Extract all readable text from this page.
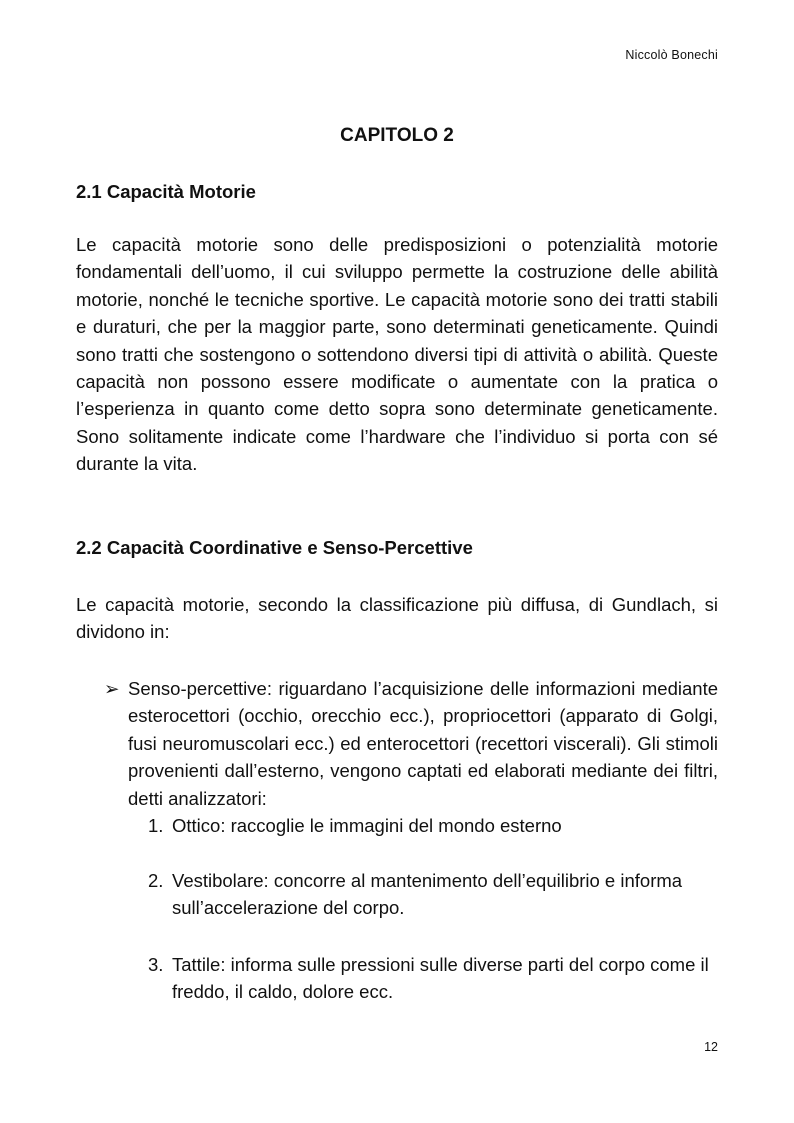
Niccolò Bonechi
CAPITOLO 2
2.1 Capacità Motorie

Le capacità motorie sono delle predisposizioni o potenzialità motorie fondamentali dell’uomo, il cui sviluppo permette la costruzione delle abilità motorie, nonché le tecniche sportive. Le capacità motorie sono dei tratti stabili e duraturi, che per la maggior parte, sono determinati geneticamente. Quindi sono tratti che sostengono o sottendono diversi tipi di attività o abilità. Queste capacità non possono essere modificate o aumentate con la pratica o l’esperienza in quanto come detto sopra sono determinate geneticamente. Sono solitamente indicate come l’hardware che l’individuo si porta con sé durante la vita.

2.2 Capacità Coordinative e Senso-Percettive

Le capacità motorie, secondo la classificazione più diffusa, di Gundlach, si dividono in:

➢ Senso-percettive: riguardano l’acquisizione delle informazioni mediante esterocettori (occhio, orecchio ecc.), propriocettori (apparato di Golgi, fusi neuromuscolari ecc.) ed enterocettori (recettori viscerali). Gli stimoli provenienti dall’esterno, vengono captati ed elaborati mediante dei filtri, detti analizzatori:
1. Ottico: raccoglie le immagini del mondo esterno
2. Vestibolare: concorre al mantenimento dell’equilibrio e informa sull’accelerazione del corpo.
3. Tattile: informa sulle pressioni sulle diverse parti del corpo come il freddo, il caldo, dolore ecc.
12
